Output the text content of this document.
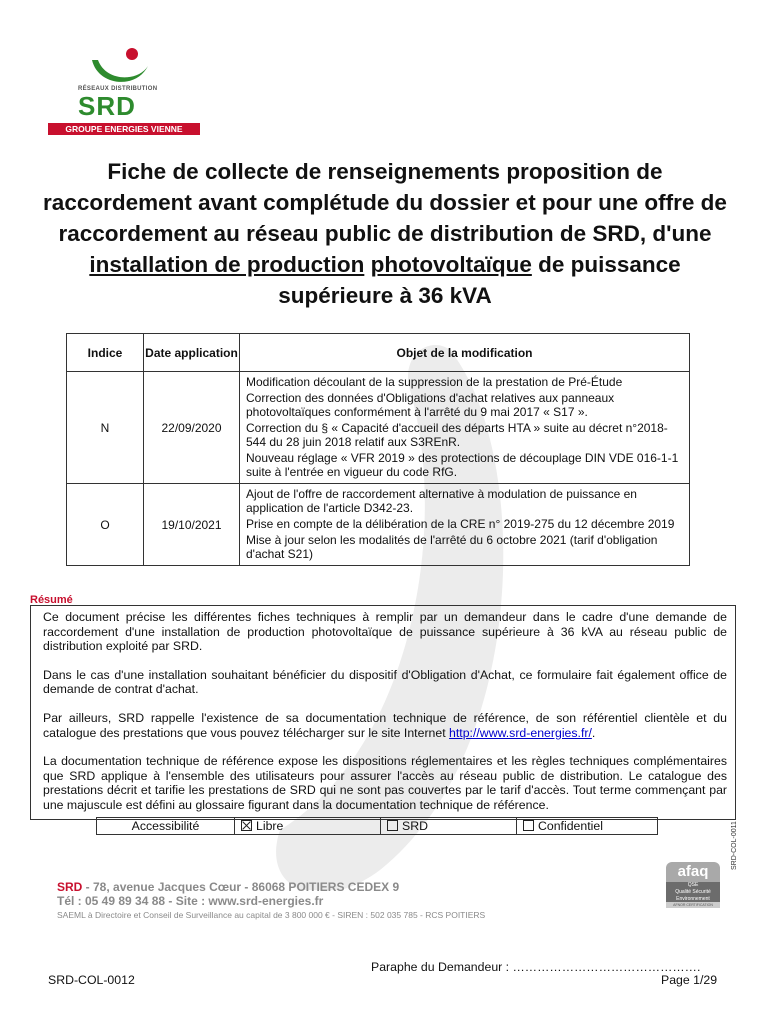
RÉSEAUX DISTRIBUTION
SRD
GROUPE ENERGIES VIENNE
Fiche de collecte de renseignements proposition de raccordement avant complétude du dossier et pour une offre de raccordement au réseau public de distribution de SRD, d'une installation de production photovoltaïque de puissance supérieure à 36 kVA
Indice	Date application	Objet de la modification
N	22/09/2020	Modification découlant de la suppression de la prestation de Pré-Étude
Correction des données d'Obligations d'achat relatives aux panneaux photovoltaïques conformément à l'arrêté du 9 mai 2017 « S17 ».
Correction du § « Capacité d'accueil des départs HTA » suite au décret n°2018-544 du 28 juin 2018 relatif aux S3REnR.
Nouveau réglage « VFR 2019 » des protections de découplage DIN VDE 016-1-1 suite à l'entrée en vigueur du code RfG.

O	19/10/2021	Ajout de l'offre de raccordement alternative à modulation de puissance en application de l'article D342-23.
Prise en compte de la délibération de la CRE n° 2019-275 du 12 décembre 2019
Mise à jour selon les modalités de l'arrêté du 6 octobre 2021 (tarif d'obligation d'achat S21)
Résumé

Ce document précise les différentes fiches techniques à remplir par un demandeur dans le cadre d'une demande de raccordement d'une installation de production photovoltaïque de puissance supérieure à 36 kVA au réseau public de distribution exploité par SRD.

Dans le cas d'une installation souhaitant bénéficier du dispositif d'Obligation d'Achat, ce formulaire fait également office de demande de contrat d'achat.

Par ailleurs, SRD rappelle l'existence de sa documentation technique de référence, de son référentiel clientèle et du catalogue des prestations que vous pouvez télécharger sur le site Internet http://www.srd-energies.fr/.

La documentation technique de référence expose les dispositions réglementaires et les règles techniques complémentaires que SRD applique à l'ensemble des utilisateurs pour assurer l'accès au réseau public de distribution. Le catalogue des prestations décrit et tarifie les prestations de SRD qui ne sont pas couvertes par le tarif d'accès. Tout terme commençant par une majuscule est défini au glossaire figurant dans la documentation technique de référence.

Accessibilité	Libre	SRD	Confidentiel	SRD-COL-0011
SRD - 78, avenue Jacques Cœur - 86068 POITIERS CEDEX 9
Tél : 05 49 89 34 88 - Site : www.srd-energies.fr
SAEML à Directoire et Conseil de Surveillance au capital de 3 800 000 € - SIREN : 502 035 785 - RCS POITIERS
afaq
QSE
Qualité Sécurité
Environnement
AFNOR CERTIFICATION
Paraphe du Demandeur : ……………………………………….
SRD-COL-0012	Page 1/29
